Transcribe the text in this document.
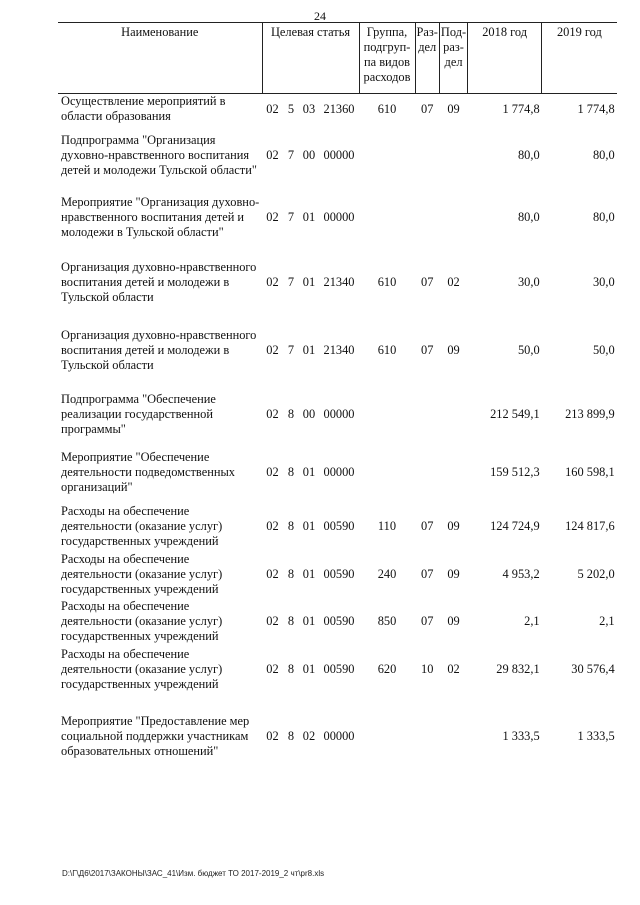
24
Наименование	Целевая статья				Группа, подгруп-па видов расходов	Раз-дел	Под-раз-дел	2018 год	2019 год
Осуществление мероприятий в области образования	02	5	03	21360	610	07	09	1 774,8	1 774,8
Подпрограмма "Организация духовно-нравственного воспитания детей и молодежи Тульской области"	02	7	00	00000				80,0	80,0
Мероприятие "Организация духовно-нравственного воспитания детей и молодежи в Тульской области"	02	7	01	00000				80,0	80,0
Организация духовно-нравственного воспитания детей и молодежи в Тульской области	02	7	01	21340	610	07	02	30,0	30,0
Организация духовно-нравственного воспитания детей и молодежи в Тульской области	02	7	01	21340	610	07	09	50,0	50,0
Подпрограмма "Обеспечение реализации государственной программы"	02	8	00	00000				212 549,1	213 899,9
Мероприятие "Обеспечение деятельности подведомственных организаций"	02	8	01	00000				159 512,3	160 598,1
Расходы на обеспечение деятельности (оказание услуг) государственных учреждений	02	8	01	00590	110	07	09	124 724,9	124 817,6
Расходы на обеспечение деятельности (оказание услуг) государственных учреждений	02	8	01	00590	240	07	09	4 953,2	5 202,0
Расходы на обеспечение деятельности (оказание услуг) государственных учреждений	02	8	01	00590	850	07	09	2,1	2,1
Расходы на обеспечение деятельности (оказание услуг) государственных учреждений	02	8	01	00590	620	10	02	29 832,1	30 576,4
Мероприятие "Предоставление мер социальной поддержки участникам образовательных отношений"	02	8	02	00000				1 333,5	1 333,5
D:\Г\Д6\2017\ЗАКОНЫ\ЗАС_41\Изм. бюджет ТО 2017-2019_2 чт\pr8.xls
